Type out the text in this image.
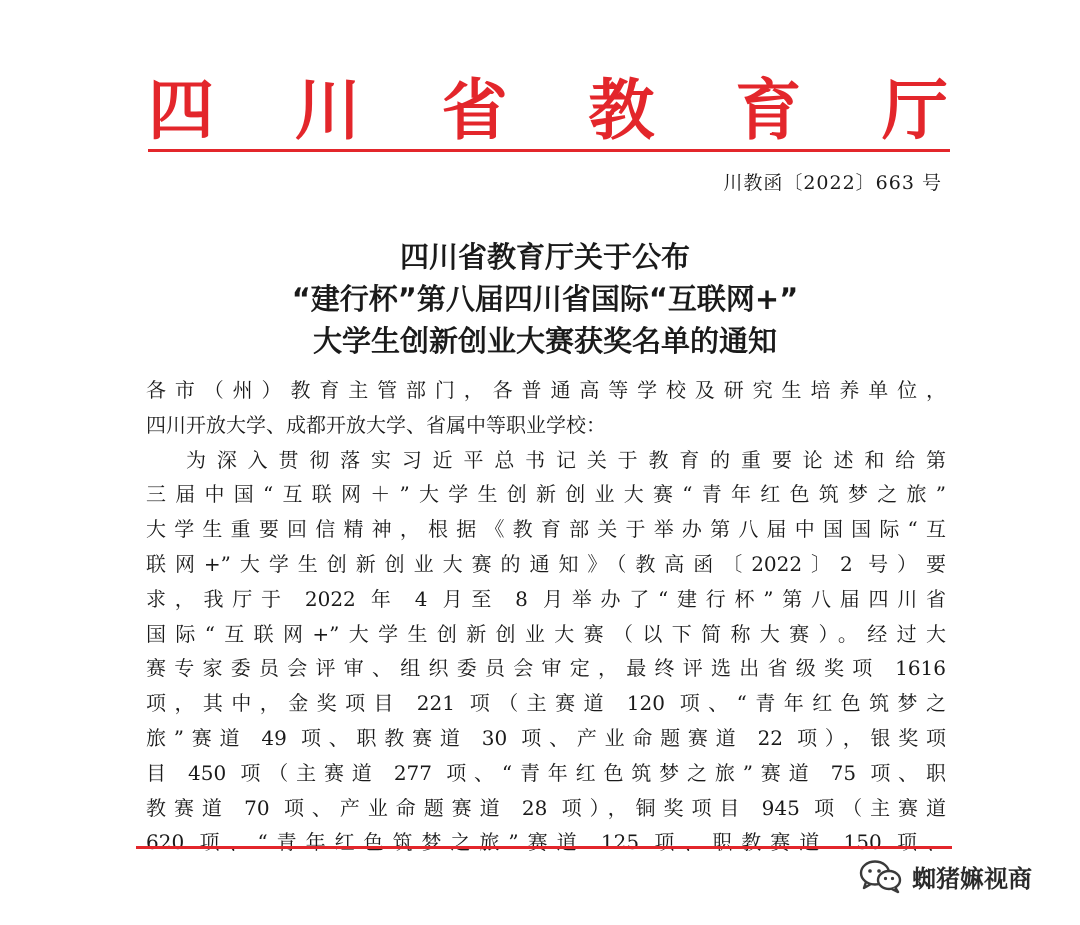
四 川 省 教 育 厅
川教函〔2022〕663 号
四川省教育厅关于公布
“建行杯”第八届四川省国际“互联网+”
大学生创新创业大赛获奖名单的通知
各市（州）教育主管部门，各普通高等学校及研究生培养单位，
四川开放大学、成都开放大学、省属中等职业学校：
为深入贯彻落实习近平总书记关于教育的重要论述和给第
三届中国“互联网＋”大学生创新创业大赛“青年红色筑梦之旅”
大学生重要回信精神，根据《教育部关于举办第八届中国国际“互
联网+”大学生创新创业大赛的通知》（教高函〔2022〕2 号）要
求，我厅于 2022 年 4 月至 8 月举办了“建行杯”第八届四川省
国际“互联网+”大学生创新创业大赛（以下简称大赛）。经过大
赛专家委员会评审、组织委员会审定，最终评选出省级奖项 1616
项，其中，金奖项目 221 项（主赛道 120 项、“青年红色筑梦之
旅”赛道 49 项、职教赛道 30 项、产业命题赛道 22 项），银奖项
目 450 项（主赛道 277 项、“青年红色筑梦之旅”赛道 75 项、职
教赛道 70 项、产业命题赛道 28 项），铜奖项目 945 项（主赛道
620 项、“青年红色筑梦之旅”赛道 125 项、职教赛道 150 项、
蜘猪嫲视商
